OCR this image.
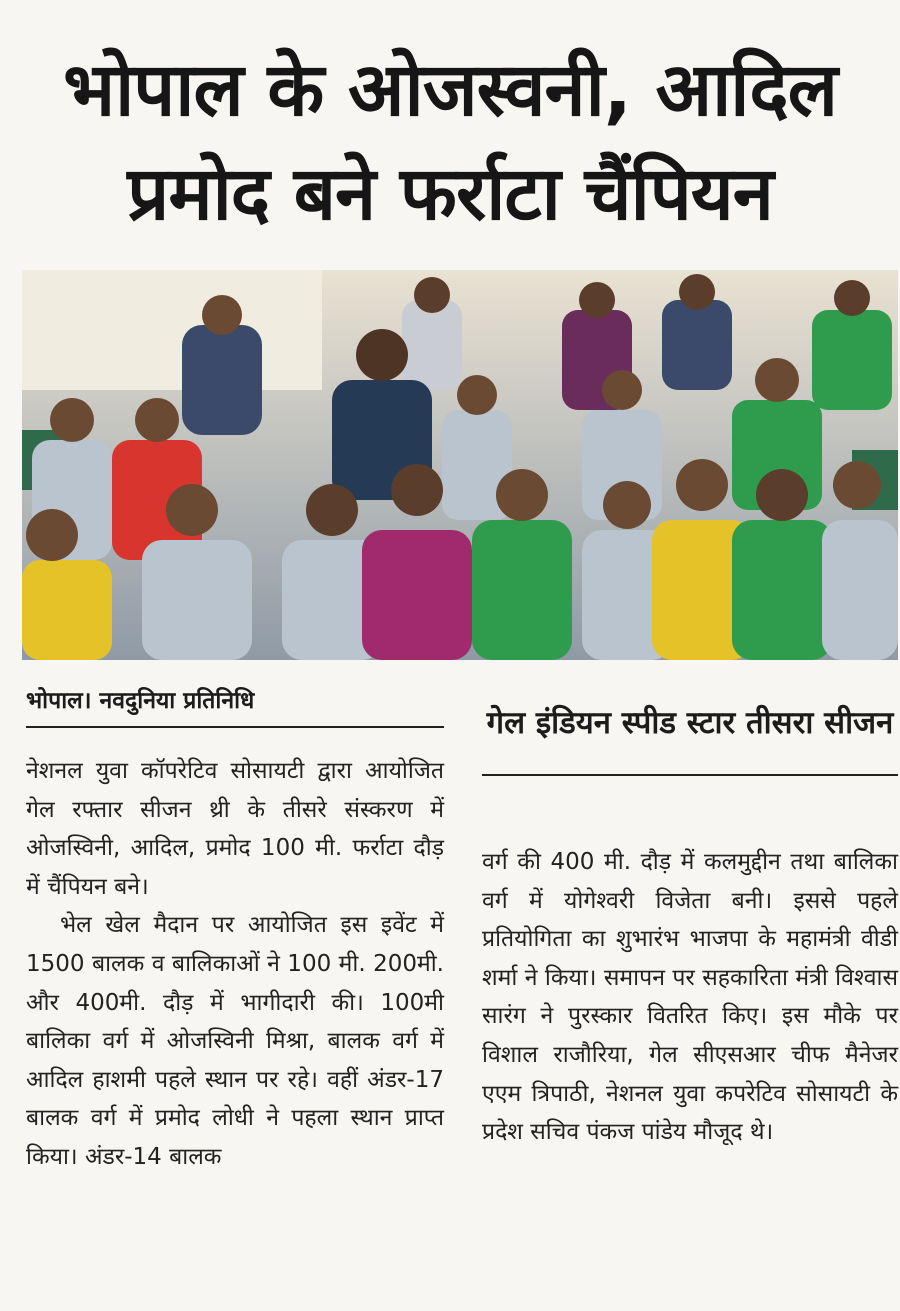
भोपाल के ओजस्वनी, आदिल प्रमोद बने फर्राटा चैंपियन
भोपाल। नवदुनिया प्रतिनिधि

नेशनल युवा कॉपरेटिव सोसायटी द्वारा आयोजित गेल रफ्तार सीजन थ्री के तीसरे संस्करण में ओजस्विनी, आदिल, प्रमोद 100 मी. फर्राटा दौड़ में चैंपियन बने।

भेल खेल मैदान पर आयोजित इस इवेंट में 1500 बालक व बालिकाओं ने 100 मी. 200मी. और 400मी. दौड़ में भागीदारी की। 100मी बालिका वर्ग में ओजस्विनी मिश्रा, बालक वर्ग में आदिल हाशमी पहले स्थान पर रहे। वहीं अंडर-17 बालक वर्ग में प्रमोद लोधी ने पहला स्थान प्राप्त किया। अंडर-14 बालक

गेल इंडियन स्पीड स्टार तीसरा सीजन

वर्ग की 400 मी. दौड़ में कलमुद्दीन तथा बालिका वर्ग में योगेश्वरी विजेता बनी। इससे पहले प्रतियोगिता का शुभारंभ भाजपा के महामंत्री वीडी शर्मा ने किया। समापन पर सहकारिता मंत्री विश्वास सारंग ने पुरस्कार वितरित किए। इस मौके पर विशाल राजौरिया, गेल सीएसआर चीफ मैनेजर एएम त्रिपाठी, नेशनल युवा कपरेटिव सोसायटी के प्रदेश सचिव पंकज पांडेय मौजूद थे।
